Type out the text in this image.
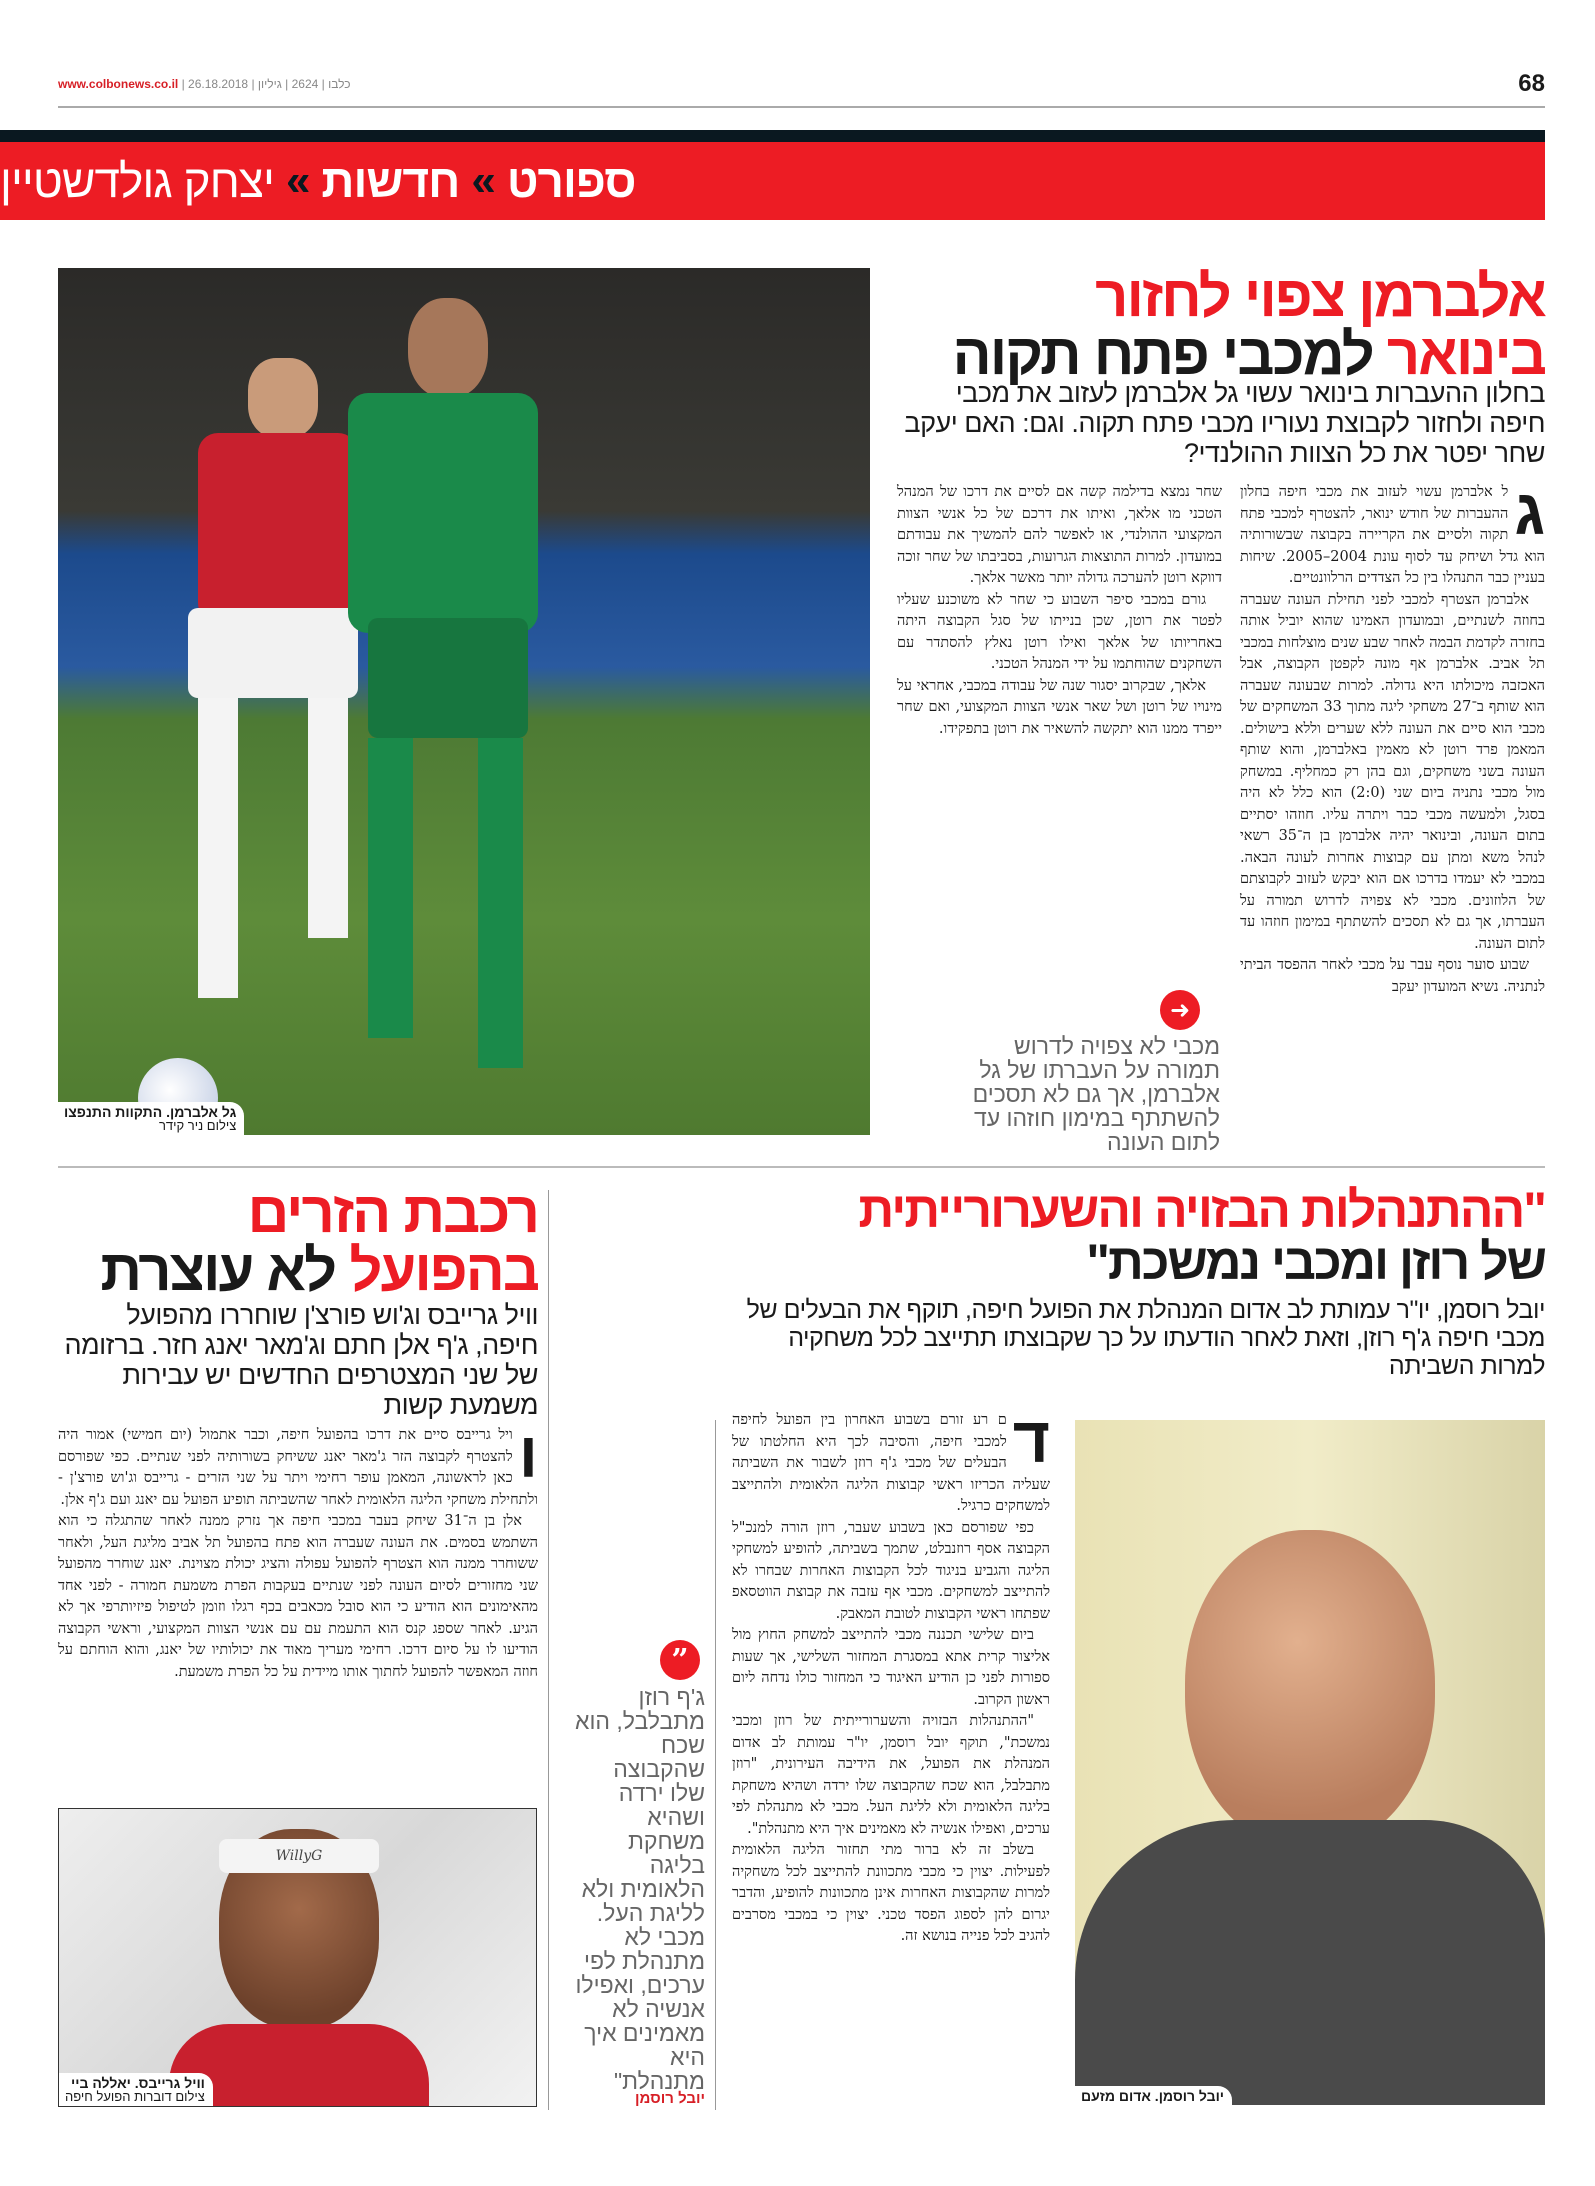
www.colbonews.co.il | כלבו | 2624 | גיליון | 26.18.2018	68
ספורט
»
חדשות
»
יצחק גולדשטיין
גל אלברמן. התקוות התנפצו
צילום ניר קידר
אלברמן צפוי לחזור
בינואר למכבי פתח תקוה
בחלון ההעברות בינואר עשוי גל אלברמן לעזוב את מכבי חיפה ולחזור לקבוצת נעוריו מכבי פתח תקוה. וגם: האם יעקב שחר יפטר את כל הצוות ההולנדי?
ג

ל אלברמן עשוי לעזוב את מכבי חיפה בחלון ההעברות של חודש ינואר, להצטרף למכבי פתח תקוה ולסיים את הקריירה בקבוצה שבשורותיה הוא גדל ושיחק עד לסוף עונת 2004–2005. שיחות בעניין כבר התנהלו בין כל הצדדים הרלוונטיים.

אלברמן הצטרף למכבי לפני תחילת העונה שעברה בחוזה לשנתיים, ובמועדון האמינו שהוא יוביל אותה בחזרה לקדמת הבמה לאחר שבע שנים מוצלחות במכבי תל אביב. אלברמן אף מונה לקפטן הקבוצה, אבל האכזבה מיכולתו היא גדולה. למרות שבעונה שעברה הוא שותף ב־27 משחקי ליגה מתוך 33 המשחקים של מכבי הוא סיים את העונה ללא שערים וללא בישולים. המאמן פרד רוטן לא מאמין באלברמן, והוא שותף העונה בשני משחקים, וגם בהן רק כמחליף. במשחק מול מכבי נתניה ביום שני (2:0) הוא כלל לא היה בסגל, ולמעשה מכבי כבר ויתרה עליו. חוזהו יסתיים בתום העונה, ובינואר יהיה אלברמן בן ה־35 רשאי לנהל משא ומתן עם קבוצות אחרות לעונה הבאה. במכבי לא יעמדו בדרכו אם הוא יבקש לעזוב לקבוצתם של הלוזונים. מכבי לא צפויה לדרוש תמורה על העברתו, אך גם לא תסכים להשתתף במימון חוזהו עד לתום העונה.

שבוע סוער נוסף עבר על מכבי לאחר ההפסד הביתי לנתניה. נשיא המועדון יעקב

שחר נמצא בדילמה קשה אם לסיים את דרכו של המנהל הטכני מו אלאך, ואיתו את דרכם של כל אנשי הצוות המקצועי ההולנדי, או לאפשר להם להמשיך את עבודתם במועדון. למרות התוצאות הגרועות, בסביבתו של שחר זוכה דווקא רוטן להערכה גדולה יותר מאשר אלאך.

גורם במכבי סיפר השבוע כי שחר לא משוכנע שעליו לפטר את רוטן, שכן בנייתו של סגל הקבוצה היתה באחריותו של אלאך ואילו רוטן נאלץ להסתדר עם השחקנים שהוחתמו על ידי המנהל הטכני.

אלאך, שבקרוב יסגור שנה של עבודה במכבי, אחראי על מינויו של רוטן ושל שאר אנשי הצוות המקצועי, ואם שחר ייפרד ממנו הוא יתקשה להשאיר את רוטן בתפקידו.

➜
מכבי לא צפויה לדרוש תמורה על העברתו של גל אלברמן, אך גם לא תסכים להשתתף במימון חוזהו עד לתום העונה
"ההתנהלות הבזויה והשערורייתית
של רוזן ומכבי נמשכת"
יובל רוסמן, יו"ר עמותת לב אדום המנהלת את הפועל חיפה, תוקף את הבעלים של מכבי חיפה ג'ף רוזן, וזאת לאחר הודעתו על כך שקבוצתו תתייצב לכל משחקיה למרות השביתה
ד

ם רע זורם בשבוע האחרון בין הפועל לחיפה למכבי חיפה, והסיבה לכך היא החלטתו של הבעלים של מכבי ג'ף רוזן לשבור את השביתה שעליה הכריזו ראשי קבוצות הליגה הלאומית ולהתייצב למשחקים כרגיל.

כפי שפורסם כאן בשבוע שעבר, רוזן הורה למנכ"ל הקבוצה אסף רוזנבלט, שתמך בשביתה, להופיע למשחקי הליגה והגביע בניגוד לכל הקבוצות האחרות שבחרו לא להתייצב למשחקים. מכבי אף עזבה את קבוצת הווטסאפ שפתחו ראשי הקבוצות לטובת המאבק.

ביום שלישי תכננה מכבי להתייצב למשחק החוץ מול אליצור קרית אתא במסגרת המחזור השלישי, אך שעות ספורות לפני כן הודיע האיגוד כי המחזור כולו נדחה ליום ראשון הקרוב.

"ההתנהלות הבזויה והשערורייתית של רוזן ומכבי נמשכת", תוקף יובל רוסמן, יו"ר עמותת לב אדום המנהלת את הפועל, את הידיבה העירונית, "רוזן מתבלבל, הוא שכח שהקבוצה שלו ירדה ושהיא משחקת בליגה הלאומית ולא לליגת העל. מכבי לא מתנהלת לפי ערכים, ואפילו אנשיה לא מאמינים איך היא מתנהלת".

בשלב זה לא ברור מתי תחזור הליגה הלאומית לפעילות. יצוין כי מכבי מתכוונת להתייצב לכל משחקיה למרות שהקבוצות האחרות אינן מתכוונות להופיע, והדבר יגרום להן לספוג הפסד טכני. יצוין כי במכבי מסרבים להגיב לכל פנייה בנושא זה.

יובל רוסמן. אדום מזעם
”
ג'ף רוזן מתבלבל, הוא שכח שהקבוצה שלו ירדה ושהיא משחקת בליגה הלאומית ולא לליגת העל. מכבי לא מתנהלת לפי ערכים, ואפילו אנשיה לא מאמינים איך היא מתנהלת"
יובל רוסמן
רכבת הזרים
בהפועל לא עוצרת
וויל גרייבס וג'וש פורצ'ן שוחררו מהפועל חיפה, ג'ף אלן חתם וג'מאר יאנג חזר. ברזומה של שני המצטרפים החדשים יש עבירות משמעת קשות
ו

ויל גרייבס סיים את דרכו בהפועל חיפה, וכבר אתמול (יום חמישי) אמור היה להצטרף לקבוצה הזר ג'מאר יאנג ששיחק בשורותיה לפני שנתיים. כפי שפורסם כאן לראשונה, המאמן עופר רחימי ויתר על שני הזרים - גרייבס וג'וש פורצ'ן - ולתחילת משחקי הליגה הלאומית לאחר שהשביתה תופיע הפועל עם יאנג ועם ג'ף אלן.

אלן בן ה־31 שיחק בעבר במכבי חיפה אך נזרק ממנה לאחר שהתגלה כי הוא השתמש בסמים. את העונה שעברה הוא פתח בהפועל תל אביב מליגת העל, ולאחר ששוחרר ממנה הוא הצטרף להפועל עפולה והציג יכולת מצוינת. יאנג שוחרר מהפועל שני מחזורים לסיום העונה לפני שנתיים בעקבות הפרת משמעת חמורה - לפני אחד מהאימונים הוא הודיע כי הוא סובל מכאבים בכף רגלו וזומן לטיפול פיזיותרפי אך לא הגיע. לאחר שספג קנס הוא התעמת עם עם אנשי הצוות המקצועי, וראשי הקבוצה הודיעו לו על סיום דרכו. רחימי מעריך מאוד את יכולותיו של יאנג, והוא הוחתם על חוזה המאפשר להפועל לחתוך אותו מיידית על כל הפרת משמעת.

WillyG
וויל גרייבס. יאללה ביי
צילום דוברות הפועל חיפה
